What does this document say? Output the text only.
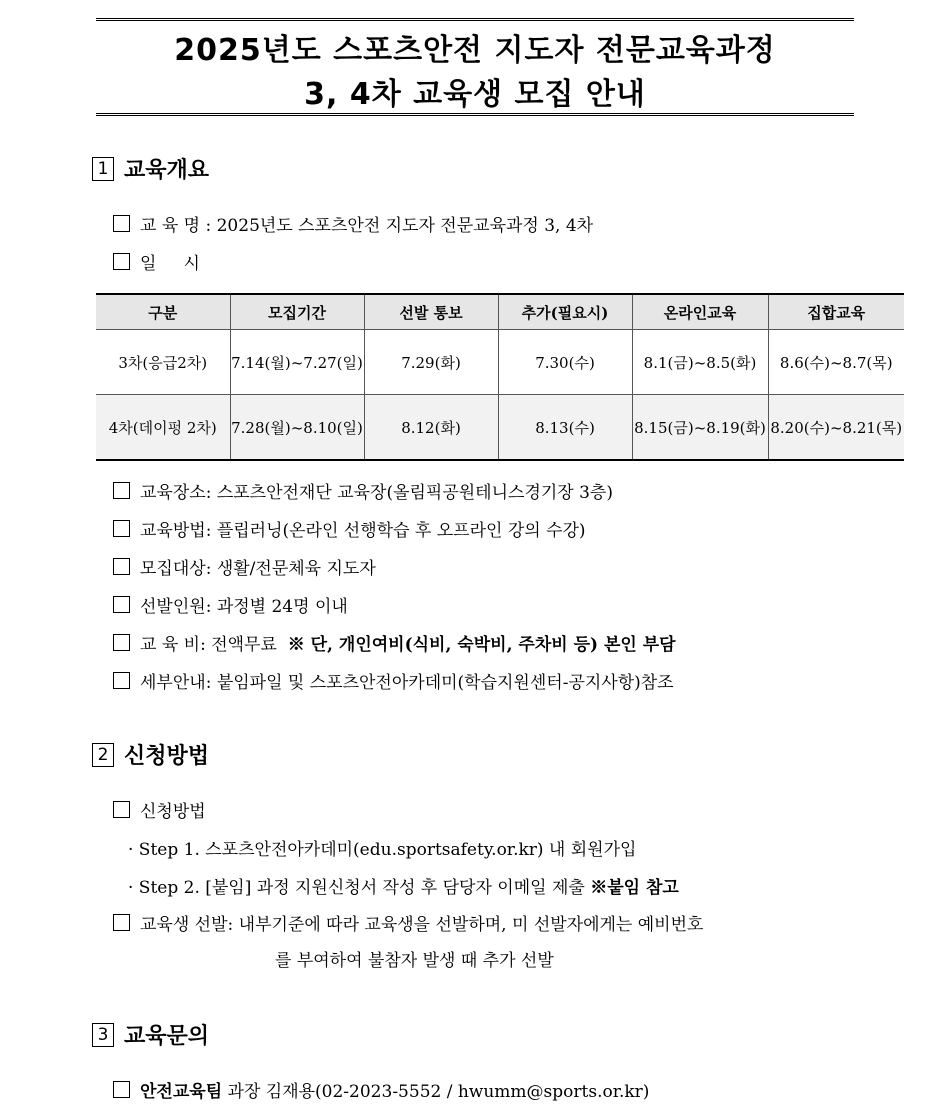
2025년도 스포츠안전 지도자 전문교육과정
3, 4차 교육생 모집 안내
1 교육개요
교 육 명
: 2025년도 스포츠안전 지도자 전문교육과정 3, 4차
일     시
구분	모집기간	선발 통보	추가(필요시)	온라인교육	집합교육
3차(응급2차)	7.14(월)~7.27(일)	7.29(화)	7.30(수)	8.1(금)~8.5(화)	8.6(수)~8.7(목)
4차(데이펑 2차)	7.28(월)~8.10(일)	8.12(화)	8.13(수)	8.15(금)~8.19(화)	8.20(수)~8.21(목)
교육장소: 스포츠안전재단 교육장(올림픽공원테니스경기장 3층)
교육방법: 플립러닝(온라인 선행학습 후 오프라인 강의 수강)
모집대상: 생활/전문체육 지도자
선발인원: 과정별 24명 이내
교 육 비: 전액무료
※ 단, 개인여비(식비, 숙박비, 주차비 등) 본인 부담
세부안내: 붙임파일 및 스포츠안전아카데미(학습지원센터-공지사항)참조
2 신청방법
신청방법
· Step 1. 스포츠안전아카데미(edu.sportsafety.or.kr) 내 회원가입
· Step 2. [붙임] 과정 지원신청서 작성 후 담당자 이메일 제출 ※붙임 참고
교육생 선발: 내부기준에 따라 교육생을 선발하며, 미 선발자에게는 예비번호
를 부여하여 불참자 발생 때 추가 선발
3 교육문의
안전교육팀
과장 김재용(02-2023-5552 / hwumm@sports.or.kr)
